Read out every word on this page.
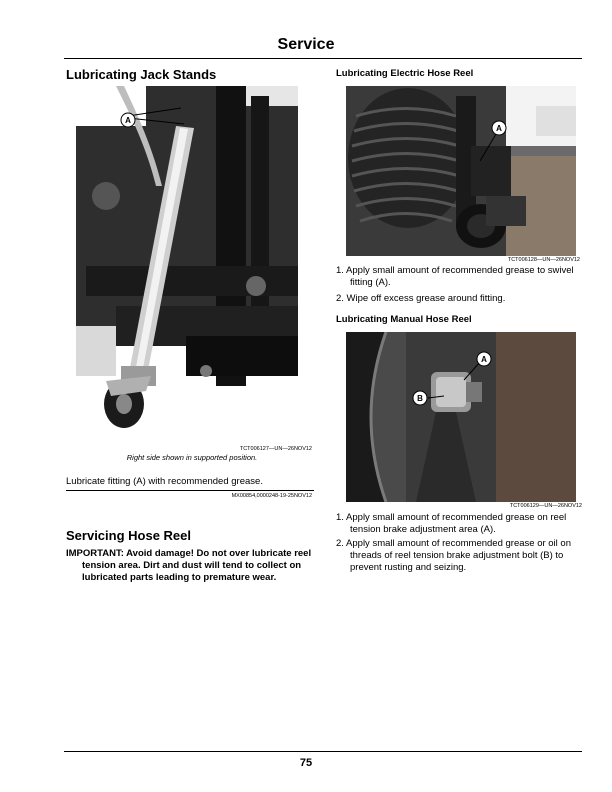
Service
Lubricating Jack Stands
A
TCT006127—UN—26NOV12
Right side shown in supported position.
Lubricate fitting (A) with recommended grease.
MX00854,0000248-19-25NOV12
Servicing Hose Reel
IMPORTANT: Avoid damage! Do not over lubricate reel tension area. Dirt and dust will tend to collect on lubricated parts leading to premature wear.
Lubricating Electric Hose Reel
A
TCT006128—UN—26NOV12
1. Apply small amount of recommended grease to swivel fitting (A).
2. Wipe off excess grease around fitting.
Lubricating Manual Hose Reel
A
B
TCT006129—UN—26NOV12
1. Apply small amount of recommended grease on reel tension brake adjustment area (A).
2. Apply small amount of recommended grease or oil on threads of reel tension brake adjustment bolt (B) to prevent rusting and seizing.
75
